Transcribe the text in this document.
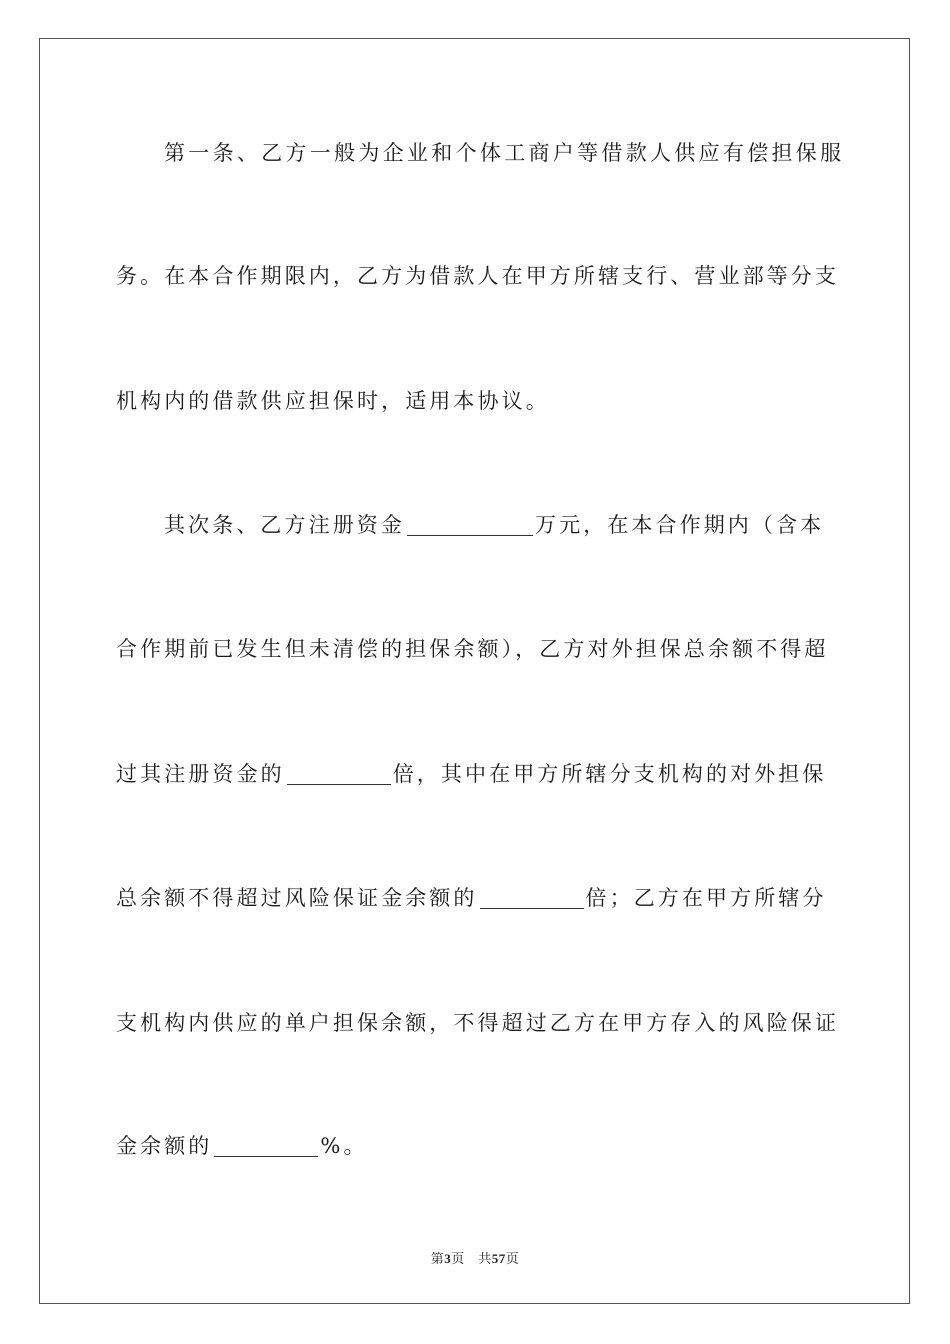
第一条、乙方一般为企业和个体工商户等借款人供应有偿担保服
务。在本合作期限内，乙方为借款人在甲方所辖支行、营业部等分支
机构内的借款供应担保时，适用本协议。
其次条、乙方注册资金	万元，在本合作期内（含本
合作期前已发生但未清偿的担保余额），乙方对外担保总余额不得超
过其注册资金的	倍，其中在甲方所辖分支机构的对外担保
总余额不得超过风险保证金余额的	倍；乙方在甲方所辖分
支机构内供应的单户担保余额，不得超过乙方在甲方存入的风险保证
金余额的	%。
第3页　共57页
